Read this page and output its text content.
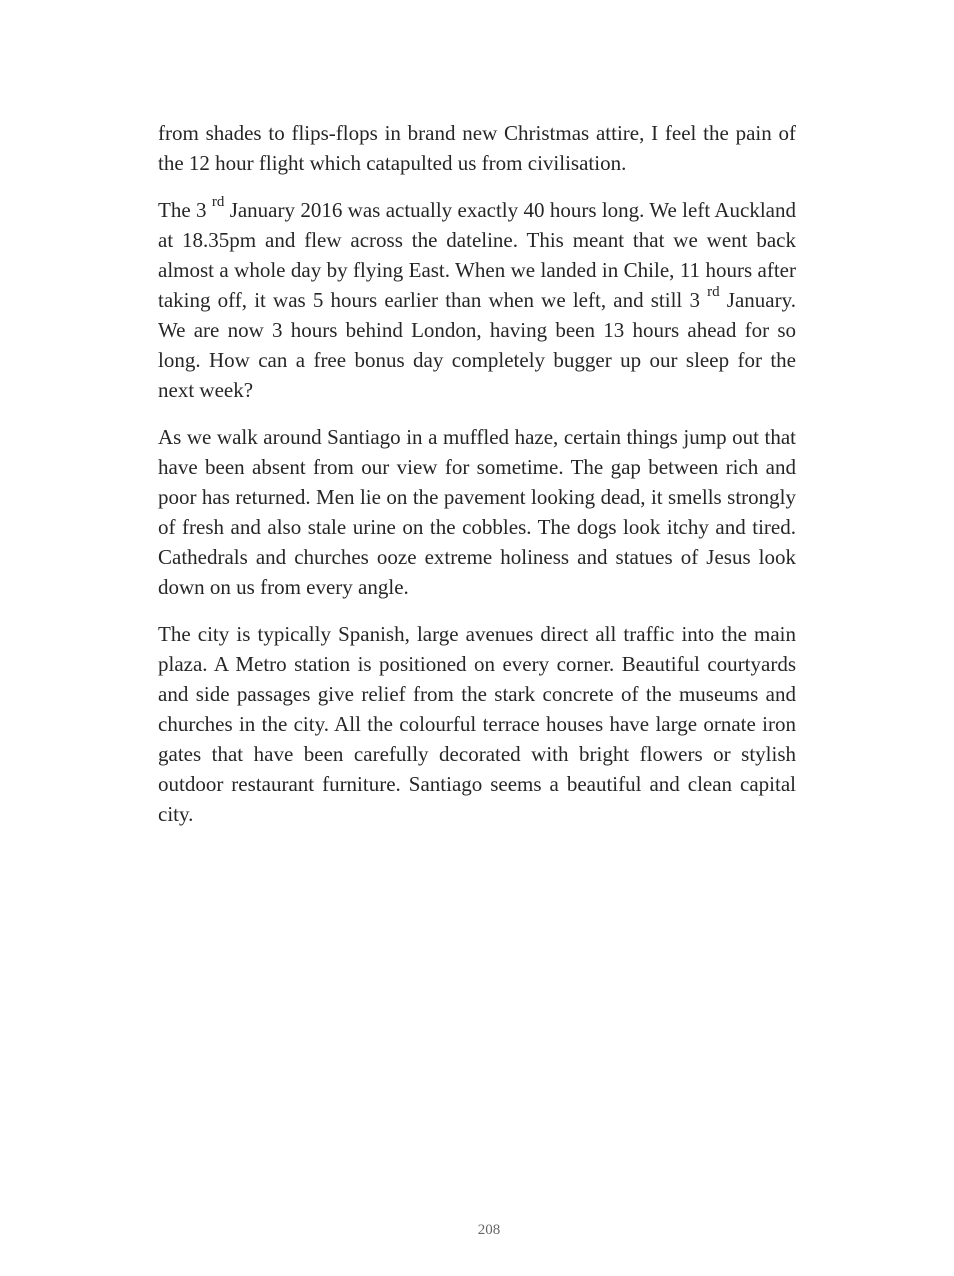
from shades to flips-flops in brand new Christmas attire, I feel the pain of the 12 hour flight which catapulted us from civilisation.

The 3 $^{rd}$ January 2016 was actually exactly 40 hours long. We left Auckland at 18.35pm and flew across the dateline. This meant that we went back almost a whole day by flying East. When we landed in Chile, 11 hours after taking off, it was 5 hours earlier than when we left, and still 3 $^{rd}$ January. We are now 3 hours behind London, having been 13 hours ahead for so long. How can a free bonus day completely bugger up our sleep for the next week?

As we walk around Santiago in a muffled haze, certain things jump out that have been absent from our view for sometime. The gap between rich and poor has returned. Men lie on the pavement looking dead, it smells strongly of fresh and also stale urine on the cobbles. The dogs look itchy and tired. Cathedrals and churches ooze extreme holiness and statues of Jesus look down on us from every angle.

The city is typically Spanish, large avenues direct all traffic into the main plaza. A Metro station is positioned on every corner. Beautiful courtyards and side passages give relief from the stark concrete of the museums and churches in the city. All the colourful terrace houses have large ornate iron gates that have been carefully decorated with bright flowers or stylish outdoor restaurant furniture. Santiago seems a beautiful and clean capital city.

208
